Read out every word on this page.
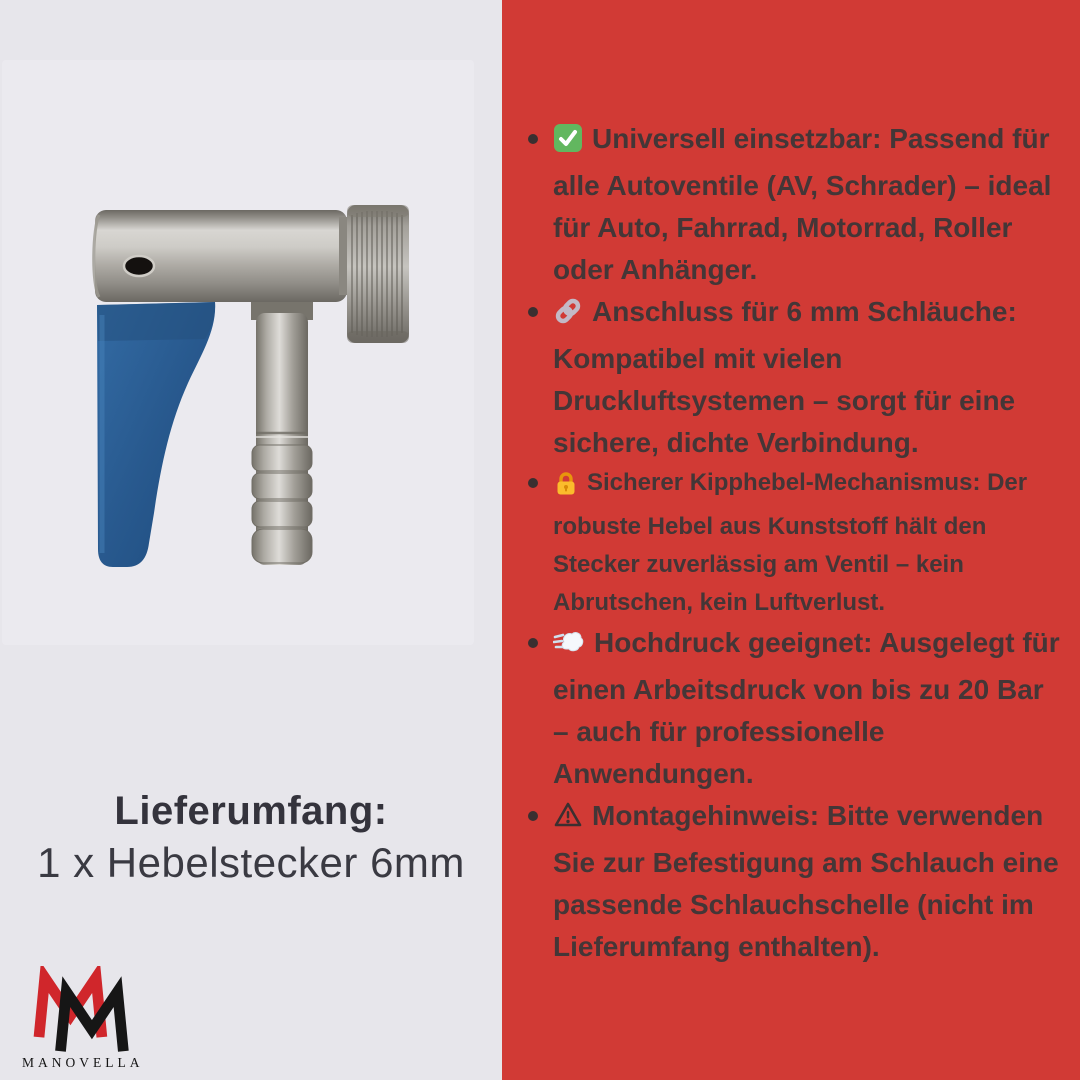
Lieferumfang:
1 x Hebelstecker 6mm
MANOVELLA
Universell einsetzbar: Passend für alle Autoventile (AV, Schrader) – ideal für Auto, Fahrrad, Motorrad, Roller oder Anhänger.
Anschluss für 6 mm Schläuche: Kompatibel mit vielen Druckluftsystemen – sorgt für eine sichere, dichte Verbindung.
Sicherer Kipphebel-Mechanismus: Der robuste Hebel aus Kunststoff hält den Stecker zuverlässig am Ventil – kein Abrutschen, kein Luftverlust.
Hochdruck geeignet: Ausgelegt für einen Arbeitsdruck von bis zu 20 Bar – auch für professionelle Anwendungen.
Montagehinweis: Bitte verwenden Sie zur Befestigung am Schlauch eine passende Schlauchschelle (nicht im Lieferumfang enthalten).
